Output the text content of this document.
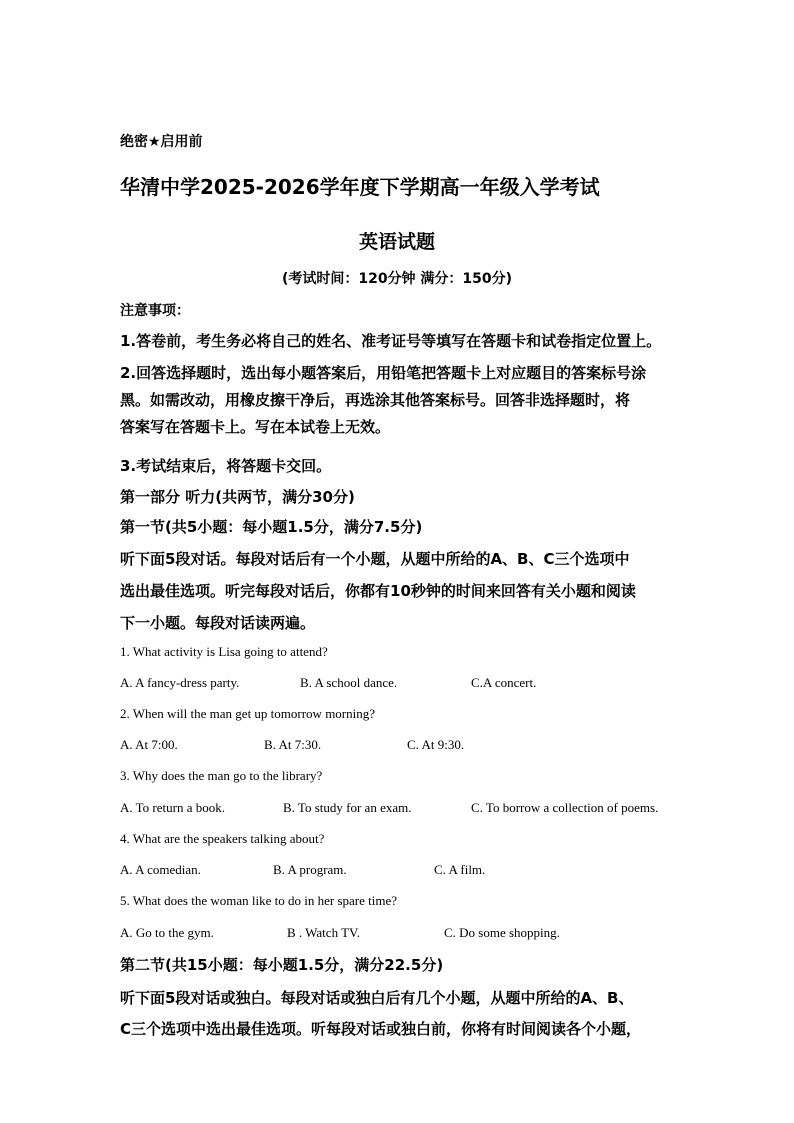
绝密★启用前
华清中学2025-2026学年度下学期高一年级入学考试
英语试题
(考试时间：120分钟 满分：150分)
注意事项：
1.答卷前，考生务必将自己的姓名、准考证号等填写在答题卡和试卷指定位置上。
2.回答选择题时，选出每小题答案后，用铅笔把答题卡上对应题目的答案标号涂
黑。如需改动，用橡皮擦干净后，再选涂其他答案标号。回答非选择题时，将
答案写在答题卡上。写在本试卷上无效。
3.考试结束后，将答题卡交回。
第一部分 听力(共两节，满分30分)
第一节(共5小题：每小题1.5分，满分7.5分)
听下面5段对话。每段对话后有一个小题，从题中所给的A、B、C三个选项中
选出最佳选项。听完每段对话后，你都有10秒钟的时间来回答有关小题和阅读
下一小题。每段对话读两遍。
1. What activity is Lisa going to attend?
A. A fancy-dress party.	B. A school dance.	C.A concert.
2. When will the man get up tomorrow morning?
A. At 7:00.	B. At 7:30.	C. At 9:30.
3. Why does the man go to the library?
A. To return a book.	B. To study for an exam.	C. To borrow a collection of poems.
4. What are the speakers talking about?
A. A comedian.	B. A program.	C. A film.
5. What does the woman like to do in her spare time?
A. Go to the gym.	B . Watch TV.	C. Do some shopping.
第二节(共15小题：每小题1.5分，满分22.5分)
听下面5段对话或独白。每段对话或独白后有几个小题，从题中所给的A、B、
C三个选项中选出最佳选项。听每段对话或独白前，你将有时间阅读各个小题，
